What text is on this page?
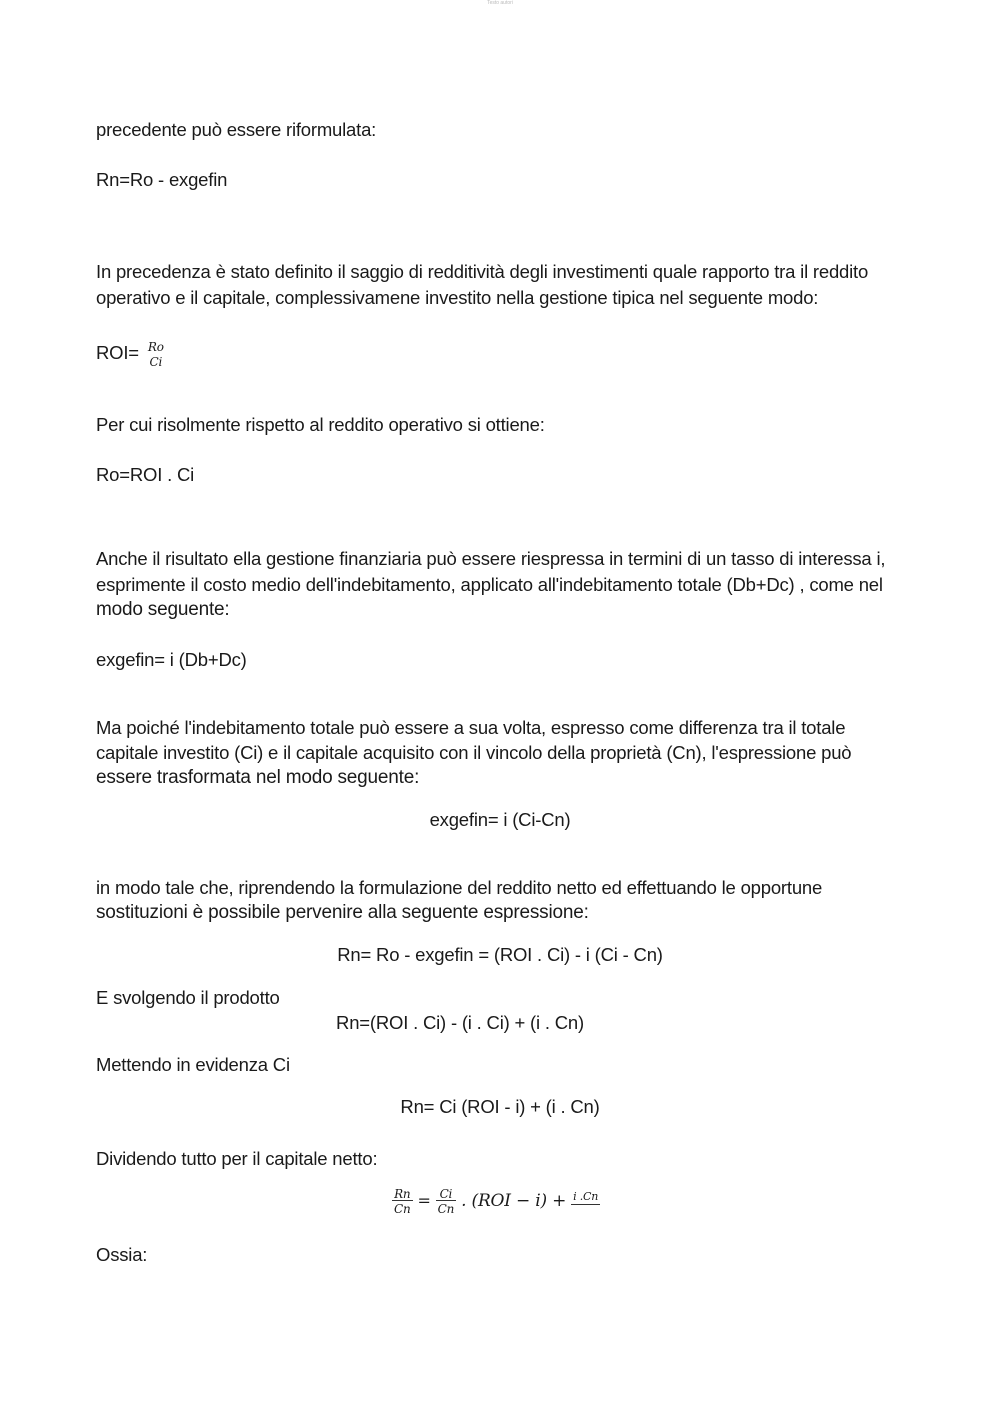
Testo autori

precedente può essere riformulata:

Rn=Ro - exgefin

In precedenza è stato definito il saggio di redditività degli investimenti quale rapporto tra il reddito

operativo e il capitale, complessivamene investito nella gestione tipica nel seguente modo:

ROI= Ro
Ci

Per cui risolmente rispetto al reddito operativo si ottiene:

Ro=ROI . Ci

Anche il risultato ella gestione finanziaria può essere riespressa in termini di un tasso di interessa i,

esprimente il costo medio dell'indebitamento, applicato all'indebitamento totale (Db+Dc) , come nel

modo seguente:

exgefin= i (Db+Dc)

Ma poiché l'indebitamento totale può essere a sua volta, espresso come differenza tra il totale

capitale investito (Ci) e il capitale acquisito con il vincolo della proprietà (Cn), l'espressione può

essere trasformata nel modo seguente:

exgefin= i (Ci-Cn)

in modo tale che, riprendendo la formulazione del reddito netto ed effettuando le opportune

sostituzioni è possibile pervenire alla seguente espressione:

Rn= Ro - exgefin = (ROI . Ci) - i (Ci - Cn)

E svolgendo il prodotto

Rn=(ROI . Ci) - (i . Ci) + (i . Cn)

Mettendo in evidenza Ci

Rn= Ci (ROI - i) + (i . Cn)

Dividendo tutto per il capitale netto:

$\frac{Rn}{Cn} = \frac{Ci}{Cn}$ . (ROI − i) + i .Cn

Ossia:
